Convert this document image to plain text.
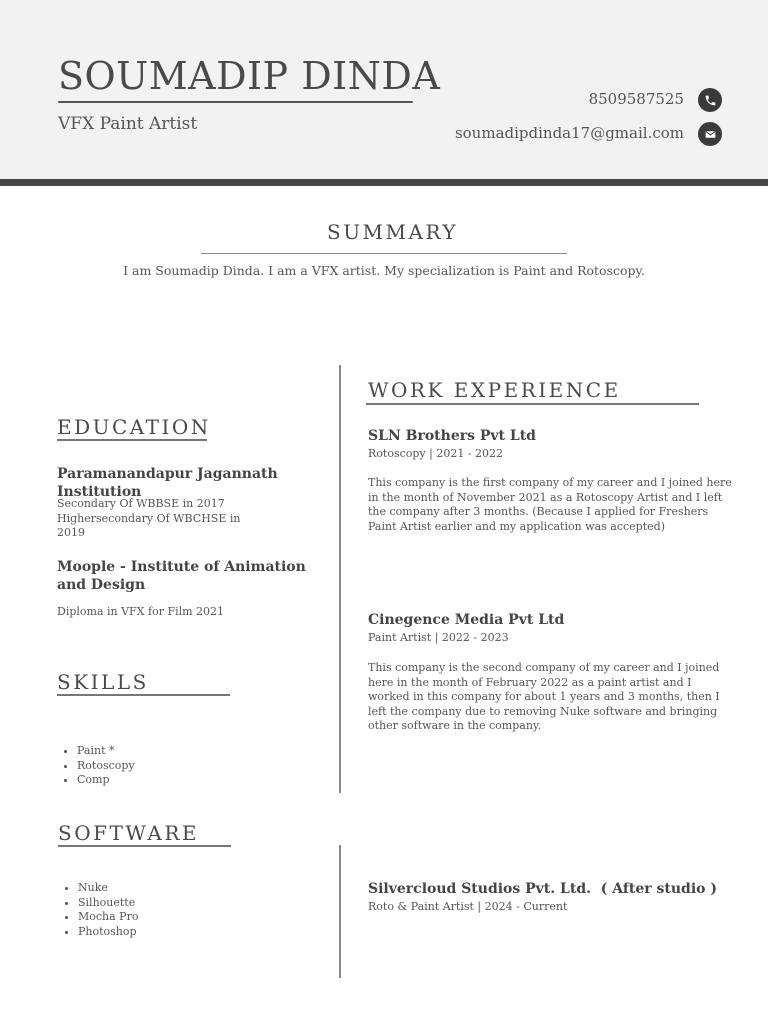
SOUMADIP DINDA
VFX Paint Artist
8509587525
soumadipdinda17@gmail.com
SUMMARY
I am Soumadip Dinda. I am a VFX artist. My specialization is Paint and Rotoscopy.
EDUCATION
Paramanandapur Jagannath Institution
Secondary Of WBBSE in 2017
Highersecondary Of WBCHSE in
2019
Moople - Institute of Animation and Design
Diploma in VFX for Film 2021
SKILLS
• Paint *
• Rotoscopy
• Comp
SOFTWARE
• Nuke
• Silhouette
• Mocha Pro
• Photoshop
WORK EXPERIENCE
SLN Brothers Pvt Ltd
Rotoscopy | 2021 - 2022
This company is the first company of my career and I joined here in the month of November 2021 as a Rotoscopy Artist and I left the company after 3 months. (Because I applied for Freshers Paint Artist earlier and my application was accepted)
Cinegence Media Pvt Ltd
Paint Artist | 2022 - 2023
This company is the second company of my career and I joined here in the month of February 2022 as a paint artist and I worked in this company for about 1 years and 3 months, then I left the company due to removing Nuke software and bringing other software in the company.
Silvercloud Studios Pvt. Ltd.  ( After studio )
Roto & Paint Artist | 2024 - Current
